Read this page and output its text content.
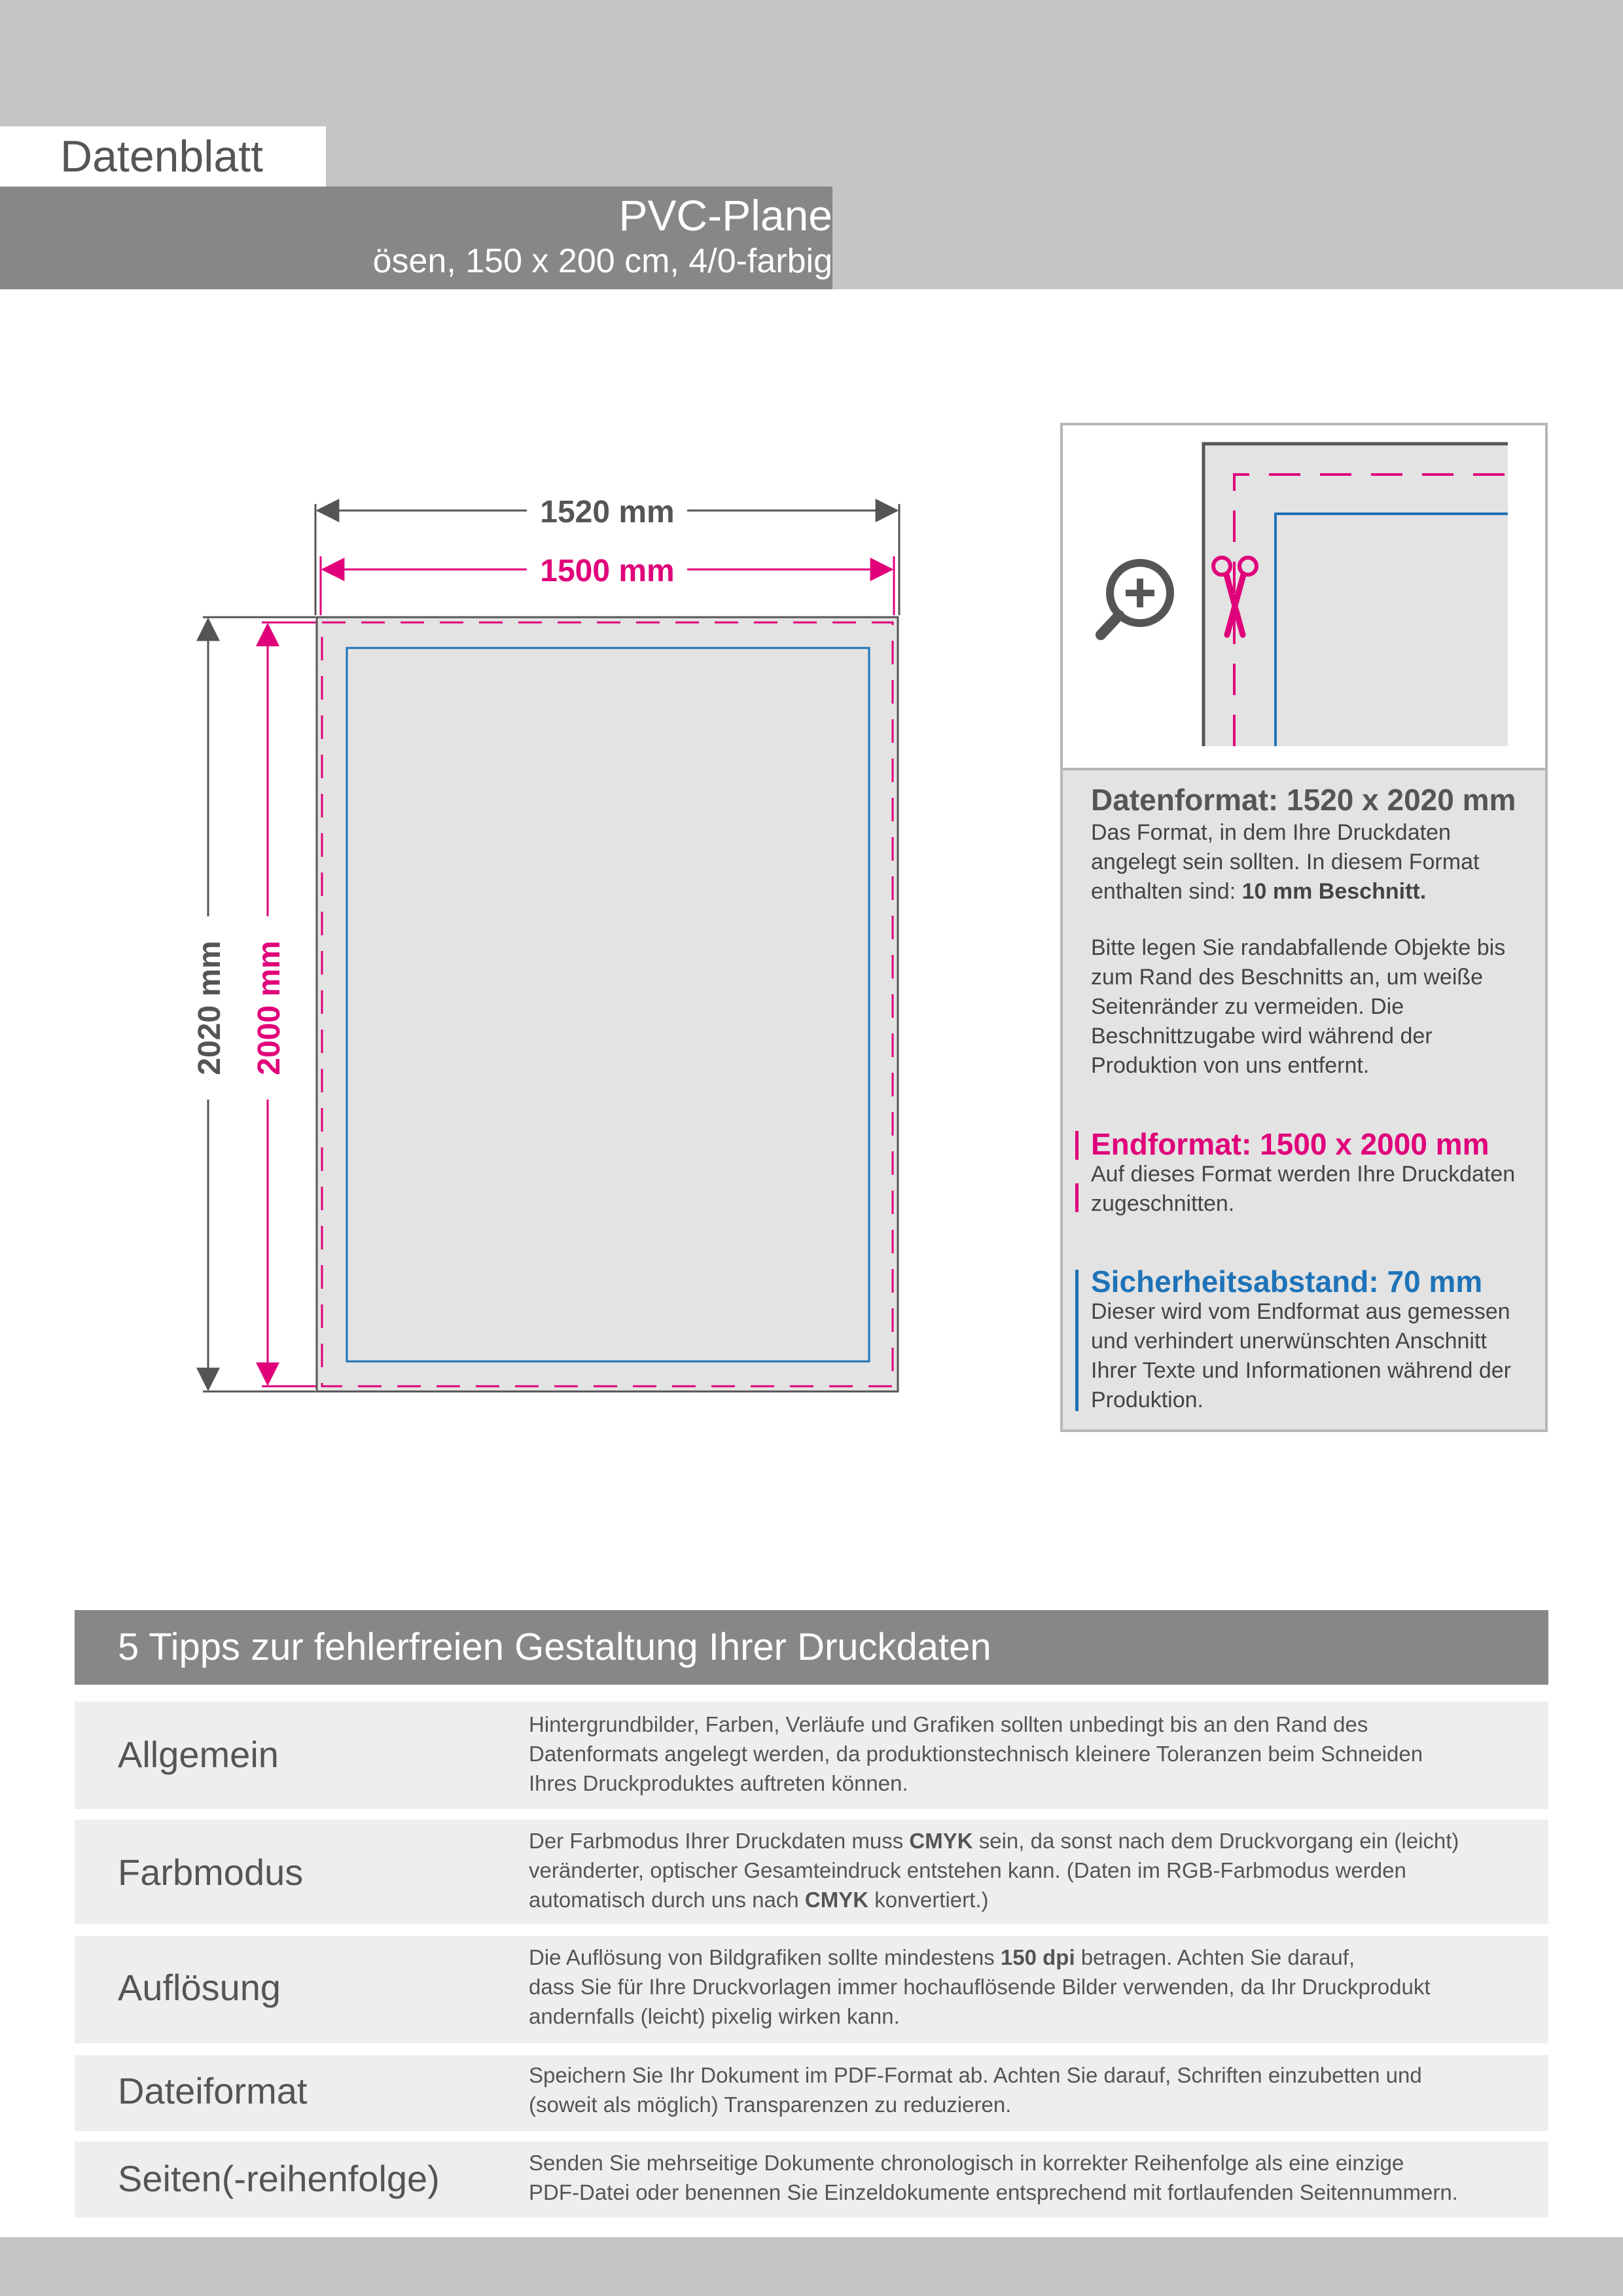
Datenblatt
PVC-Plane
ösen, 150 x 200 cm, 4/0-farbig
1520 mm
1500 mm
2020 mm 2000 mm
Datenformat: 1520 x 2020 mm
Das Format, in dem Ihre Druckdaten angelegt sein sollten. In diesem Format enthalten sind: 10 mm Beschnitt.
Bitte legen Sie randabfallende Objekte bis zum Rand des Beschnitts an, um weiße Seitenränder zu vermeiden. Die Beschnittzugabe wird während der Produktion von uns entfernt.
Endformat: 1500 x 2000 mm
Auf dieses Format werden Ihre Druckdaten zugeschnitten.
Sicherheitsabstand: 70 mm
Dieser wird vom Endformat aus gemessen und verhindert unerwünschten Anschnitt Ihrer Texte und Informationen während der Produktion.
5 Tipps zur fehlerfreien Gestaltung Ihrer Druckdaten
Allgemein
Hintergrundbilder, Farben, Verläufe und Grafiken sollten unbedingt bis an den Rand des
Datenformats angelegt werden, da produktionstechnisch kleinere Toleranzen beim Schneiden
Ihres Druckproduktes auftreten können.
Farbmodus
Der Farbmodus Ihrer Druckdaten muss CMYK sein, da sonst nach dem Druckvorgang ein (leicht)
veränderter, optischer Gesamteindruck entstehen kann. (Daten im RGB-Farbmodus werden
automatisch durch uns nach CMYK konvertiert.)
Auflösung
Die Auflösung von Bildgrafiken sollte mindestens 150 dpi betragen. Achten Sie darauf,
dass Sie für Ihre Druckvorlagen immer hochauflösende Bilder verwenden, da Ihr Druckprodukt
andernfalls (leicht) pixelig wirken kann.
Dateiformat	Speichern Sie Ihr Dokument im PDF-Format ab. Achten Sie darauf, Schriften einzubetten und
(soweit als möglich) Transparenzen zu reduzieren.
Seiten(-reihenfolge)	Senden Sie mehrseitige Dokumente chronologisch in korrekter Reihenfolge als eine einzige
PDF-Datei oder benennen Sie Einzeldokumente entsprechend mit fortlaufenden Seitennummern.
